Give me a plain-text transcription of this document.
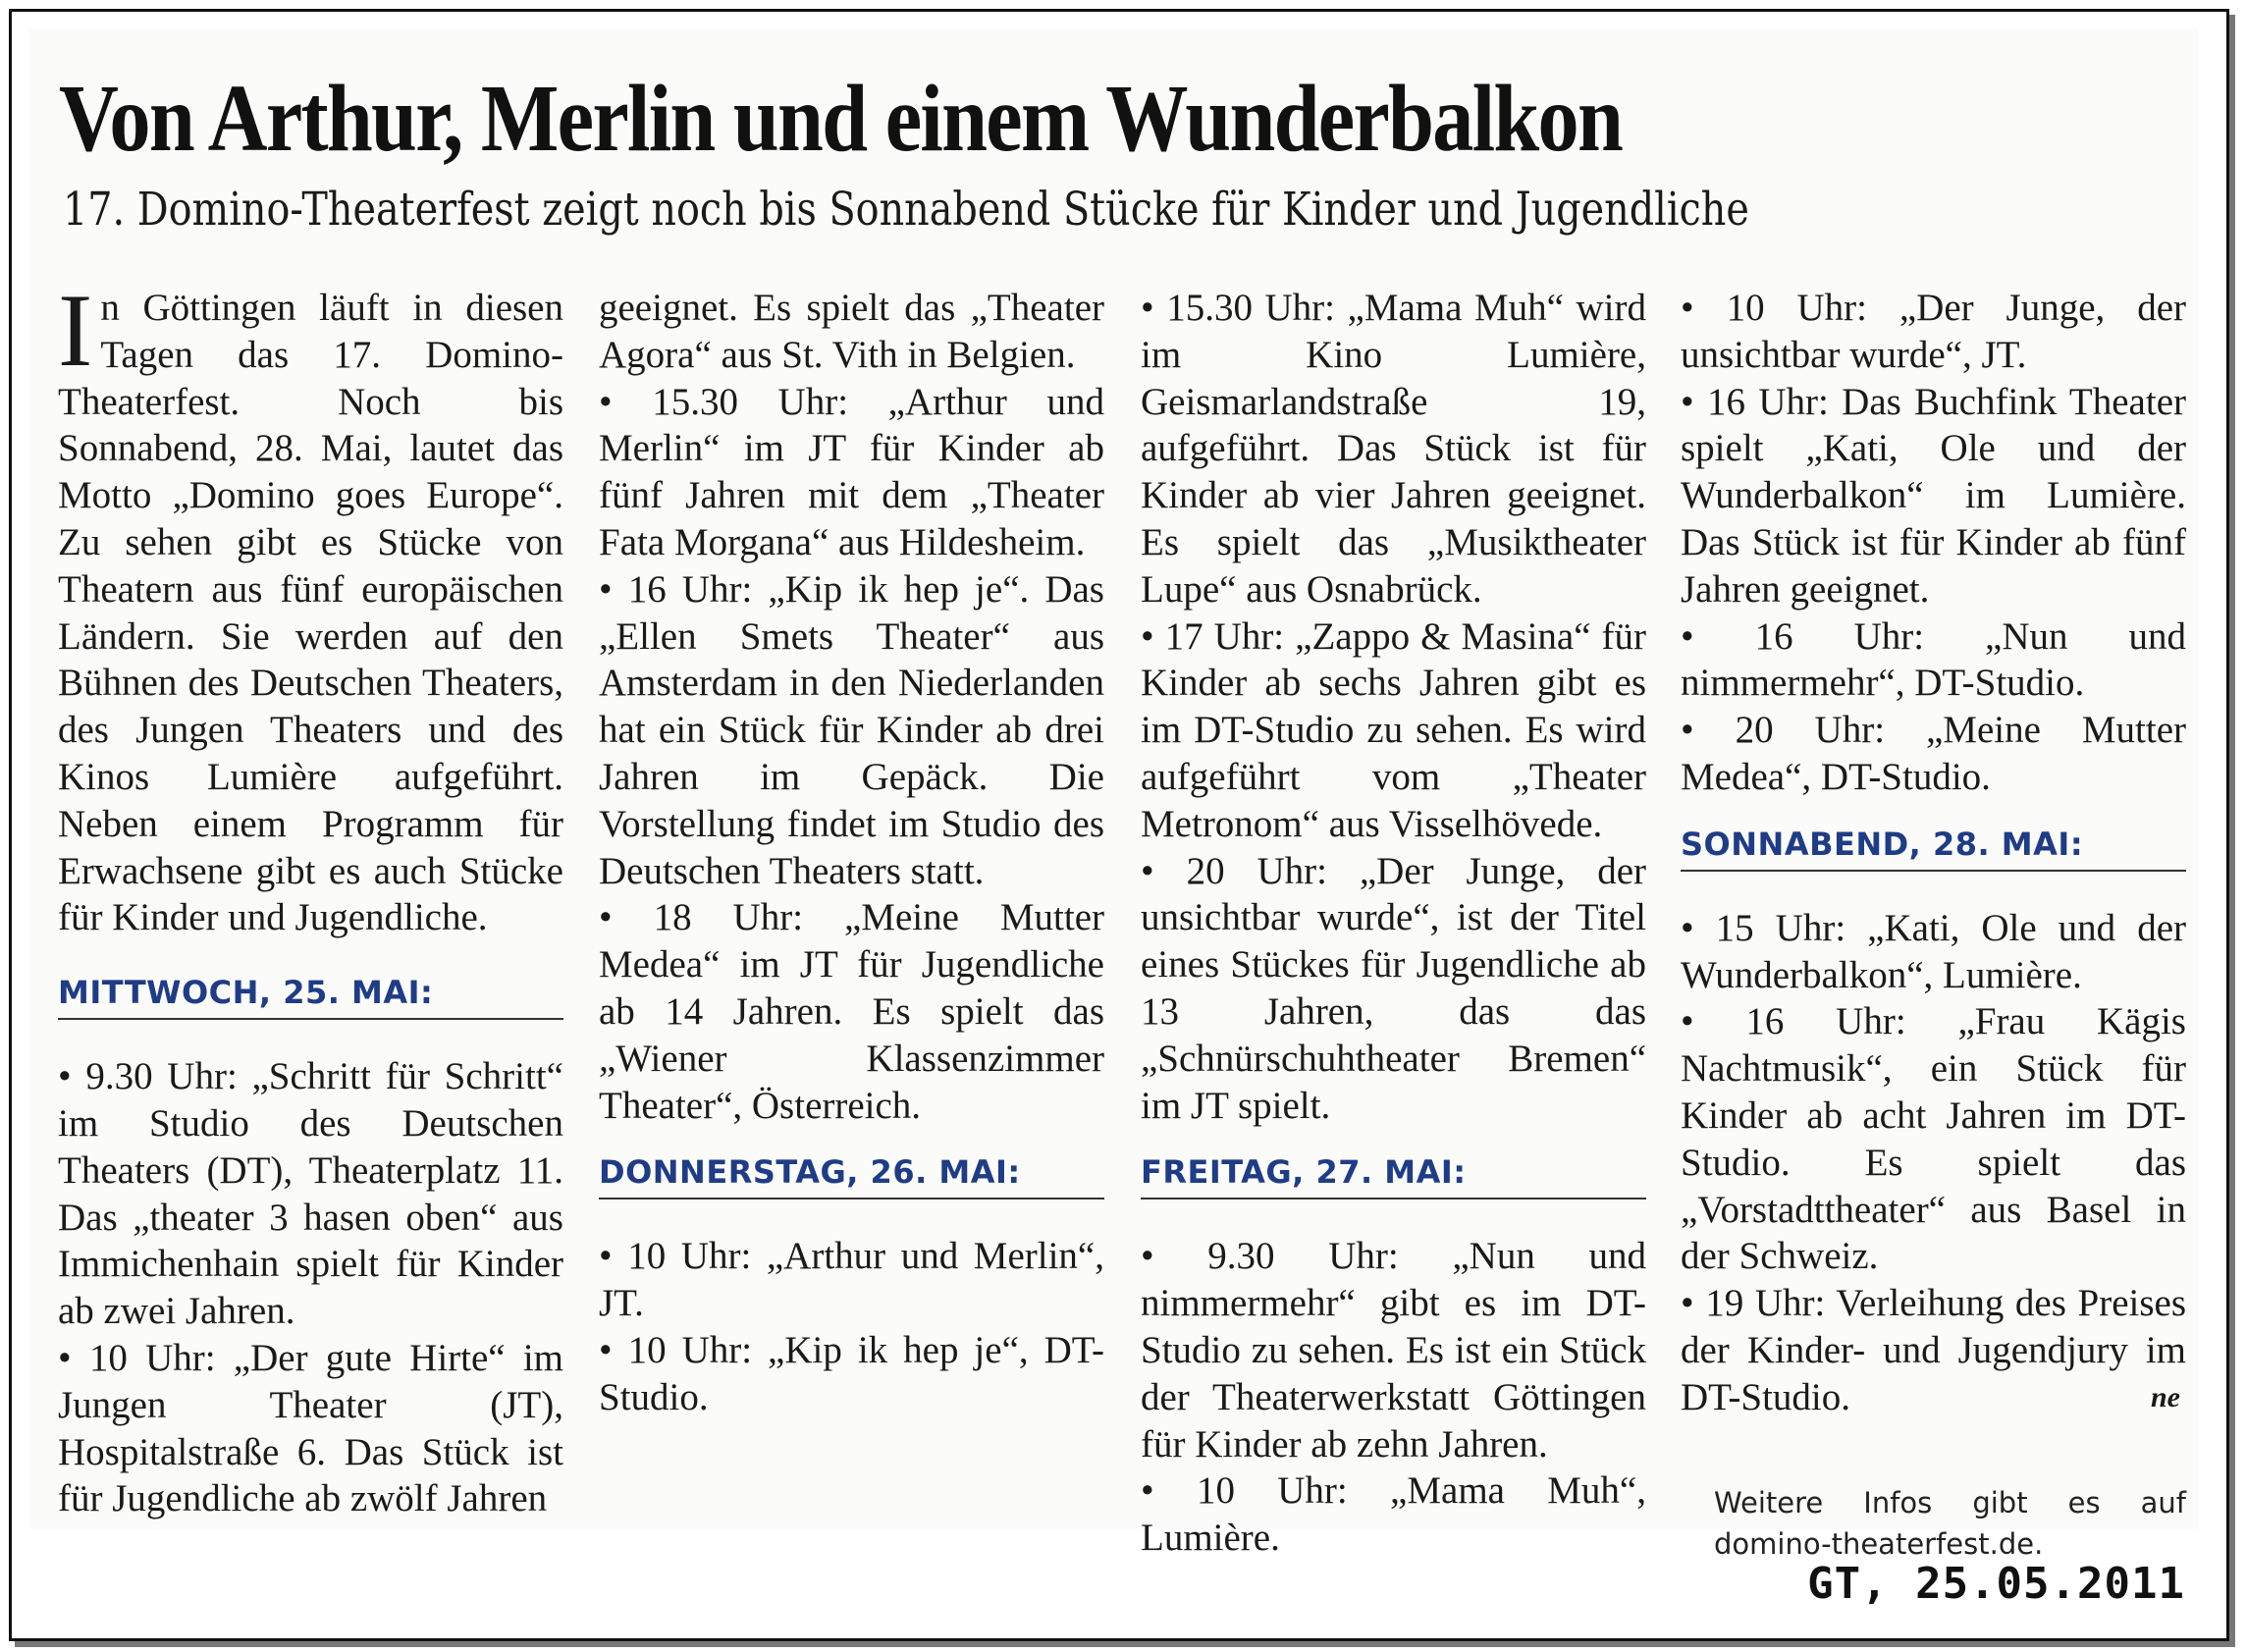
Von Arthur, Merlin und einem Wunderbalkon
17. Domino-Theaterfest zeigt noch bis Sonnabend Stücke für Kinder und Jugendliche

In Göttingen läuft in diesen Tagen das 17. Domino-Theaterfest. Noch bis Sonnabend, 28. Mai, lautet das Motto „Domino goes Europe“. Zu sehen gibt es Stücke von Theatern aus fünf europäischen Ländern. Sie werden auf den Bühnen des Deutschen Theaters, des Jungen Theaters und des Kinos Lumière aufgeführt. Neben einem Programm für Erwachsene gibt es auch Stücke für Kinder und Jugendliche.

MITTWOCH, 25. MAI:

• 9.30 Uhr: „Schritt für Schritt“ im Studio des Deutschen Theaters (DT), Theaterplatz 11. Das „theater 3 hasen oben“ aus Immichenhain spielt für Kinder ab zwei Jahren.

• 10 Uhr: „Der gute Hirte“ im Jungen Theater (JT), Hospitalstraße 6. Das Stück ist für Jugendliche ab zwölf Jahren

geeignet. Es spielt das „Theater Agora“ aus St. Vith in Belgien.

• 15.30 Uhr: „Arthur und Merlin“ im JT für Kinder ab fünf Jahren mit dem „Theater Fata Morgana“ aus Hildesheim.

• 16 Uhr: „Kip ik hep je“. Das „Ellen Smets Theater“ aus Amsterdam in den Niederlanden hat ein Stück für Kinder ab drei Jahren im Gepäck. Die Vorstellung findet im Studio des Deutschen Theaters statt.

• 18 Uhr: „Meine Mutter Medea“ im JT für Jugendliche ab 14 Jahren. Es spielt das „Wiener Klassenzimmer Theater“, Österreich.

DONNERSTAG, 26. MAI:

• 10 Uhr: „Arthur und Merlin“, JT.

• 10 Uhr: „Kip ik hep je“, DT-Studio.

• 15.30 Uhr: „Mama Muh“ wird im Kino Lumière, Geismarlandstraße 19, aufgeführt. Das Stück ist für Kinder ab vier Jahren geeignet. Es spielt das „Musiktheater Lupe“ aus Osnabrück.

• 17 Uhr: „Zappo & Masina“ für Kinder ab sechs Jahren gibt es im DT-Studio zu sehen. Es wird aufgeführt vom „Theater Metronom“ aus Visselhövede.

• 20 Uhr: „Der Junge, der unsichtbar wurde“, ist der Titel eines Stückes für Jugendliche ab 13 Jahren, das das „Schnürschuhtheater Bremen“ im JT spielt.

FREITAG, 27. MAI:

• 9.30 Uhr: „Nun und nimmermehr“ gibt es im DT-Studio zu sehen. Es ist ein Stück der Theaterwerkstatt Göttingen für Kinder ab zehn Jahren.

• 10 Uhr: „Mama Muh“, Lumière.

• 10 Uhr: „Der Junge, der unsichtbar wurde“, JT.

• 16 Uhr: Das Buchfink Theater spielt „Kati, Ole und der Wunderbalkon“ im Lumière. Das Stück ist für Kinder ab fünf Jahren geeignet.

• 16 Uhr: „Nun und nimmermehr“, DT-Studio.

• 20 Uhr: „Meine Mutter Medea“, DT-Studio.

SONNABEND, 28. MAI:

• 15 Uhr: „Kati, Ole und der Wunderbalkon“, Lumière.

• 16 Uhr: „Frau Kägis Nachtmusik“, ein Stück für Kinder ab acht Jahren im DT-Studio. Es spielt das „Vorstadttheater“ aus Basel in der Schweiz.

• 19 Uhr: Verleihung des Preises der Kinder- und Jugendjury im DT-Studio.	ne

Weitere Infos gibt es auf domino-theaterfest.de.
GT, 25.05.2011
